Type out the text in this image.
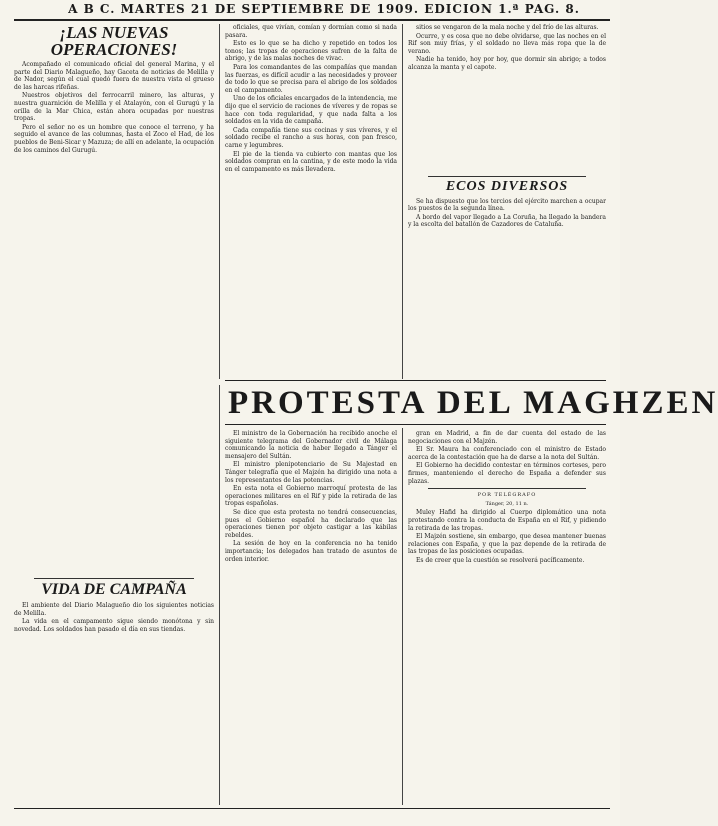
A B C. MARTES 21 DE SEPTIEMBRE DE 1909. EDICION 1.ª PAG. 8.
¡LAS NUEVAS
OPERACIONES!

Acompañado el comunicado oficial del general Marina, y el parte del Diario Malagueño, hay Gaceta de noticias de Melilla y de Nador, según el cual quedó fuera de nuestra vista el grueso de las harcas rifeñas.

Nuestros objetivos del ferrocarril minero, las alturas, y nuestra guarnición de Melilla y el Atalayón, con el Gurugú y la orilla de la Mar Chica, están ahora ocupadas por nuestras tropas.

Pero el señor no es un hombre que conoce el terreno, y ha seguido el avance de las columnas, hasta el Zoco el Had, de los pueblos de Beni-Sicar y Mazuza; de allí en adelante, la ocupación de los caminos del Gurugú.

VIDA DE CAMPAÑA

El ambiente del Diario Malagueño dio los siguientes noticias de Melilla.

La vida en el campamento sigue siendo monótona y sin novedad. Los soldados han pasado el día en sus tiendas.

oficiales, que vivían, comían y dormían como si nada pasara.

Esto es lo que se ha dicho y repetido en todos los tonos; las tropas de operaciones sufren de la falta de abrigo, y de las malas noches de vivac.

Para los comandantes de las compañías que mandan las fuerzas, es difícil acudir a las necesidades y proveer de todo lo que se precisa para el abrigo de los soldados en el campamento.

Uno de los oficiales encargados de la intendencia, me dijo que el servicio de raciones de víveres y de ropas se hace con toda regularidad, y que nada falta a los soldados en la vida de campaña.

Cada compañía tiene sus cocinas y sus víveres, y el soldado recibe el rancho a sus horas, con pan fresco, carne y legumbres.

El pie de la tienda va cubierto con mantas que los soldados compran en la cantina, y de este modo la vida en el campamento es más llevadera.

sitios se vengaron de la mala noche y del frío de las alturas.

Ocurre, y es cosa que no debe olvidarse, que las noches en el Rif son muy frías, y el soldado no lleva más ropa que la de verano.

Nadie ha tenido, hoy por hoy, que dormir sin abrigo; a todos alcanza la manta y el capote.

ECOS DIVERSOS

Se ha dispuesto que los tercios del ejército marchen a ocupar los puestos de la segunda línea.

A bordo del vapor llegado a La Coruña, ha llegado la bandera y la escolta del batallón de Cazadores de Cataluña.

PROTESTA DEL MAGHZEN

El ministro de la Gobernación ha recibido anoche el siguiente telegrama del Gobernador civil de Málaga comunicando la noticia de haber llegado a Tánger el mensajero del Sultán.

El ministro plenipotenciario de Su Majestad en Tánger telegrafía que el Majzén ha dirigido una nota a los representantes de las potencias.

En esta nota el Gobierno marroquí protesta de las operaciones militares en el Rif y pide la retirada de las tropas españolas.

Se dice que esta protesta no tendrá consecuencias, pues el Gobierno español ha declarado que las operaciones tienen por objeto castigar a las kábilas rebeldes.

La sesión de hoy en la conferencia no ha tenido importancia; los delegados han tratado de asuntos de orden interior.

gran en Madrid, a fin de dar cuenta del estado de las negociaciones con el Majzén.

El Sr. Maura ha conferenciado con el ministro de Estado acerca de la contestación que ha de darse a la nota del Sultán.

El Gobierno ha decidido contestar en términos corteses, pero firmes, manteniendo el derecho de España a defender sus plazas.

POR TELÉGRAFO
Tánger, 20, 11 n.

Muley Hafid ha dirigido al Cuerpo diplomático una nota protestando contra la conducta de España en el Rif, y pidiendo la retirada de las tropas.

El Majzén sostiene, sin embargo, que desea mantener buenas relaciones con España, y que la paz depende de la retirada de las tropas de las posiciones ocupadas.

Es de creer que la cuestión se resolverá pacíficamente.
